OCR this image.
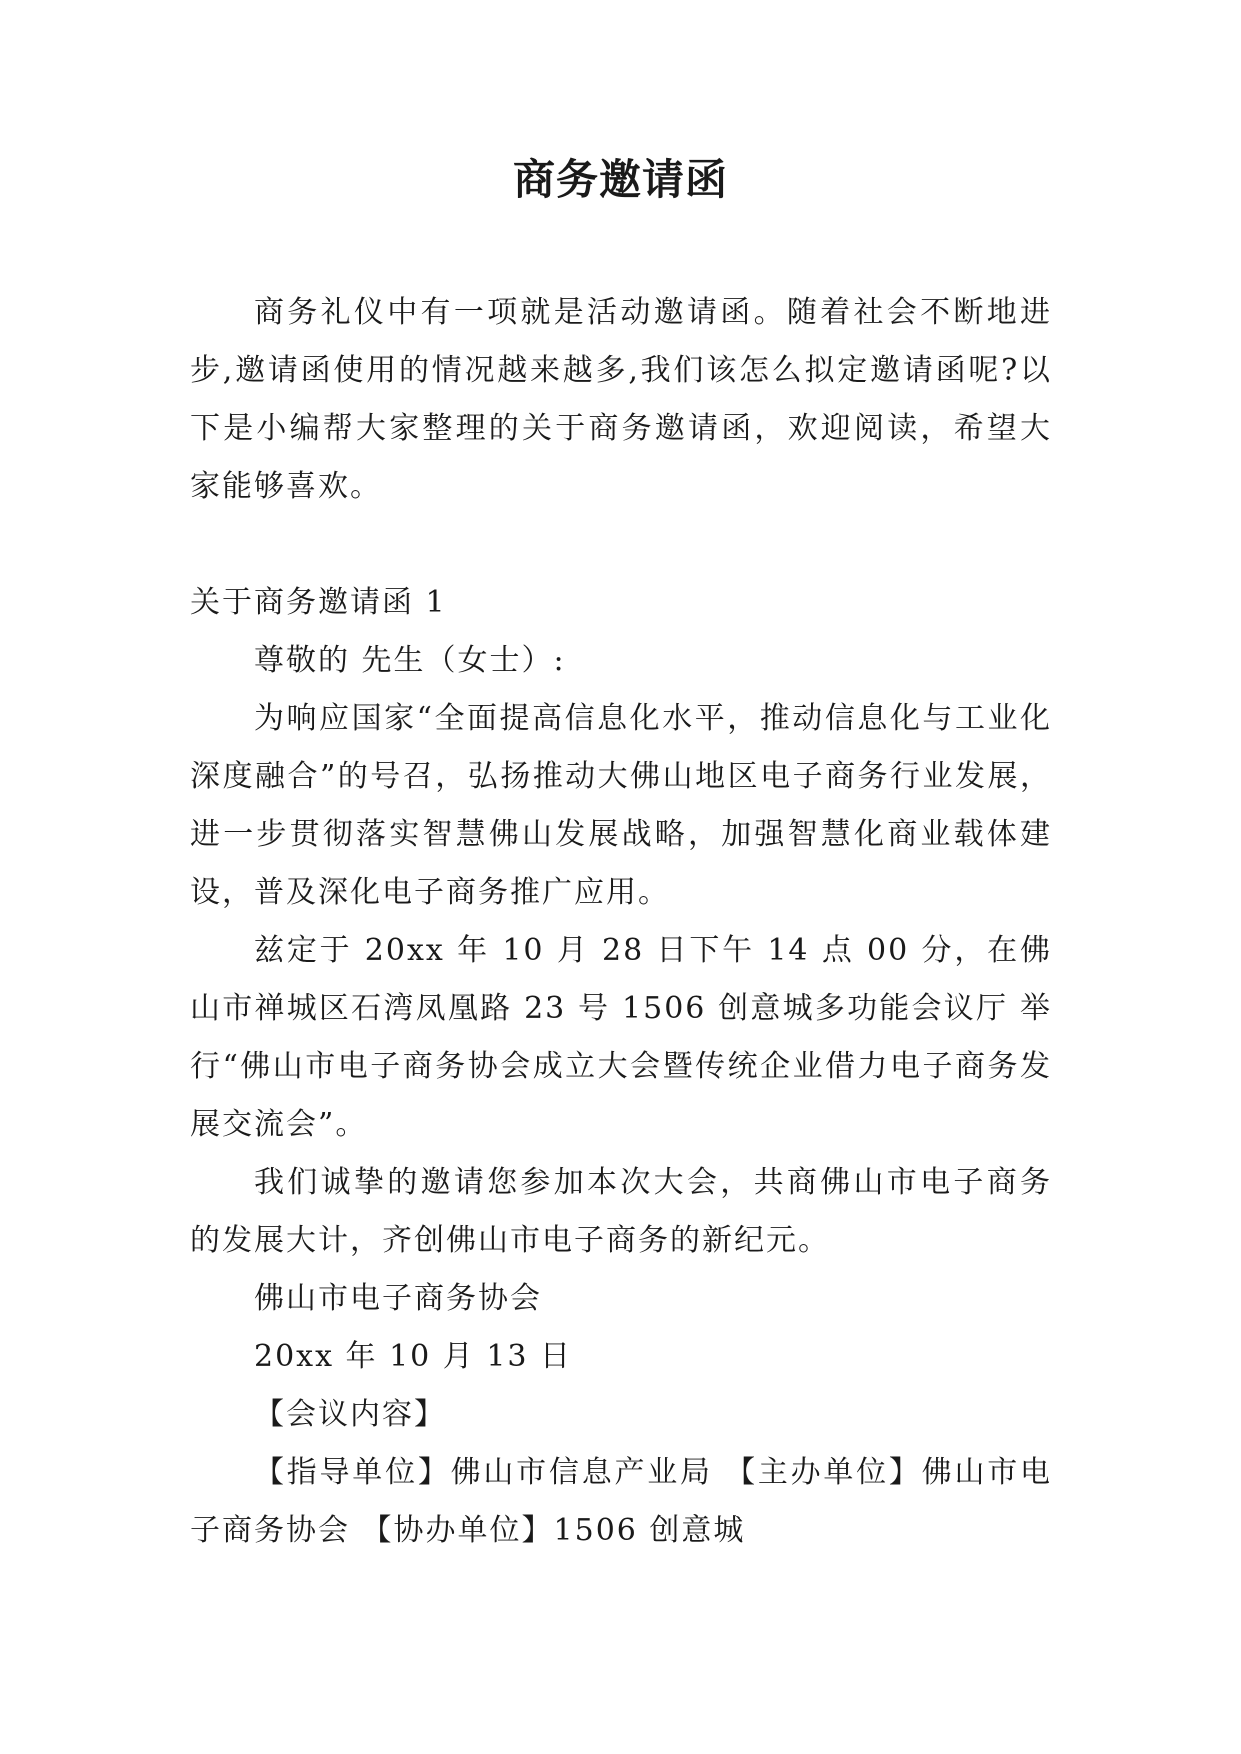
商务邀请函

商务礼仪中有一项就是活动邀请函。随着社会不断地进步,邀请函使用的情况越来越多,我们该怎么拟定邀请函呢?以下是小编帮大家整理的关于商务邀请函，欢迎阅读，希望大家能够喜欢。

关于商务邀请函 1

尊敬的 先生（女士）:

为响应国家“全面提高信息化水平，推动信息化与工业化深度融合”的号召，弘扬推动大佛山地区电子商务行业发展，进一步贯彻落实智慧佛山发展战略，加强智慧化商业载体建设，普及深化电子商务推广应用。

兹定于 20xx 年 10 月 28 日下午 14 点 00 分，在佛山市禅城区石湾凤凰路 23 号 1506 创意城多功能会议厅 举行“佛山市电子商务协会成立大会暨传统企业借力电子商务发展交流会”。

我们诚挚的邀请您参加本次大会，共商佛山市电子商务的发展大计，齐创佛山市电子商务的新纪元。

佛山市电子商务协会

20xx 年 10 月 13 日

【会议内容】

【指导单位】佛山市信息产业局 【主办单位】佛山市电子商务协会 【协办单位】1506 创意城
